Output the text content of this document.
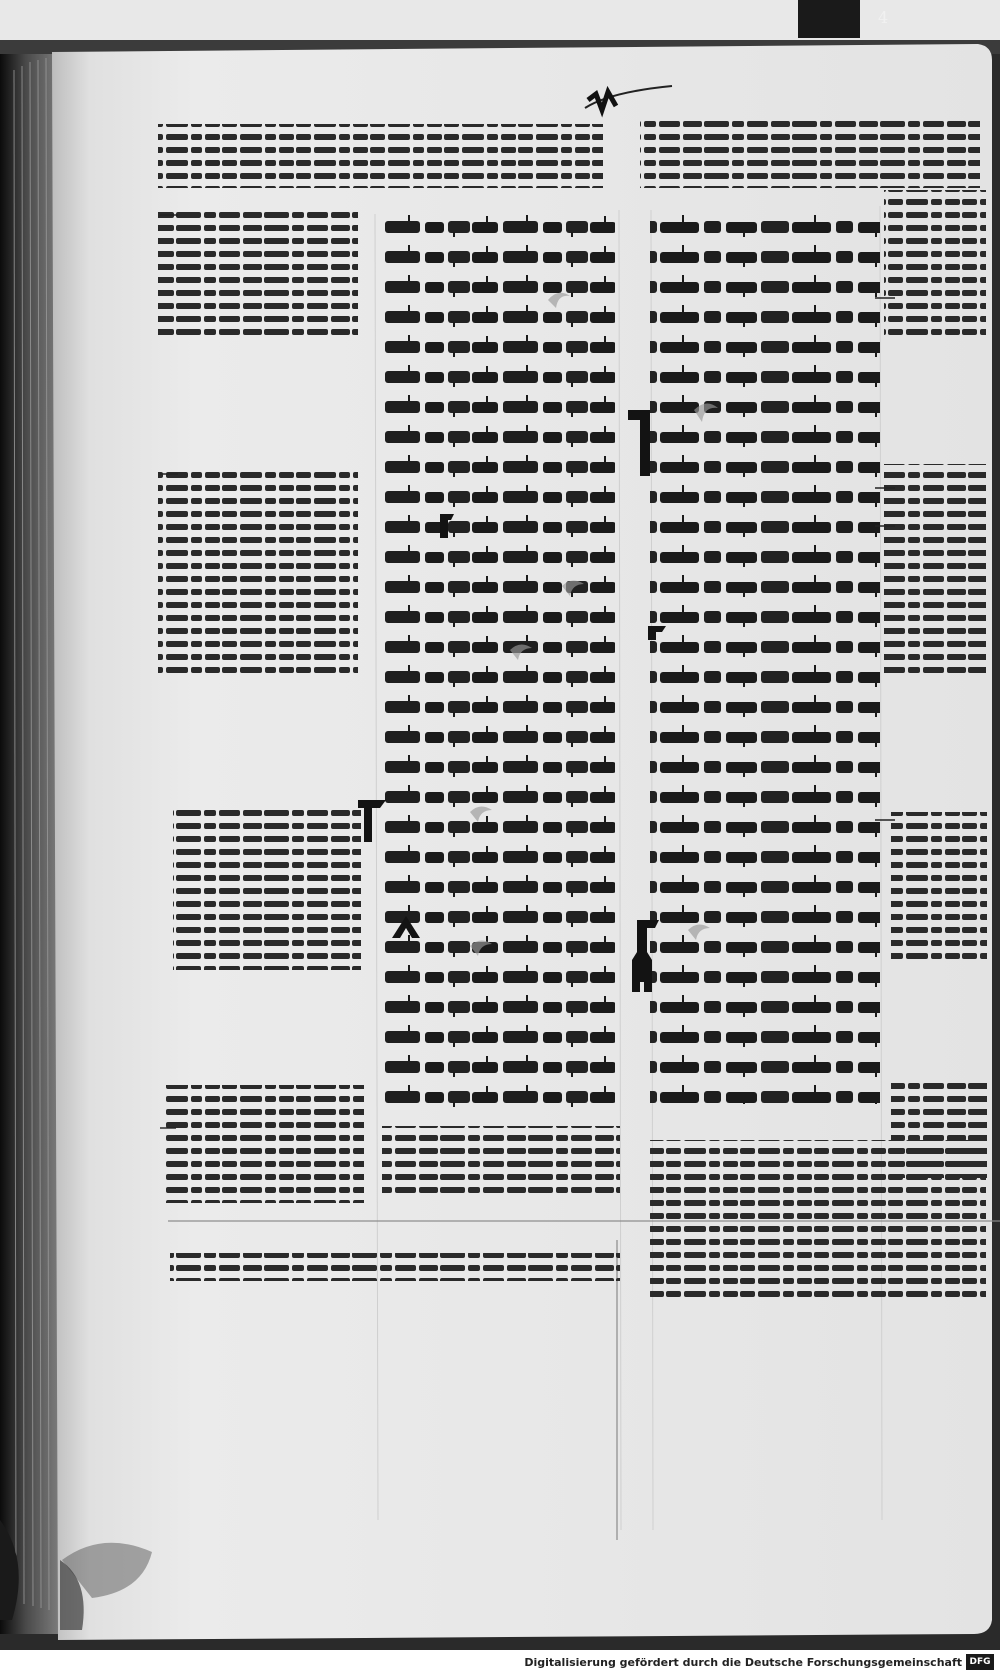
Digitalisierung gefördert durch die Deutsche Forschungsgemeinschaft DFG
4
